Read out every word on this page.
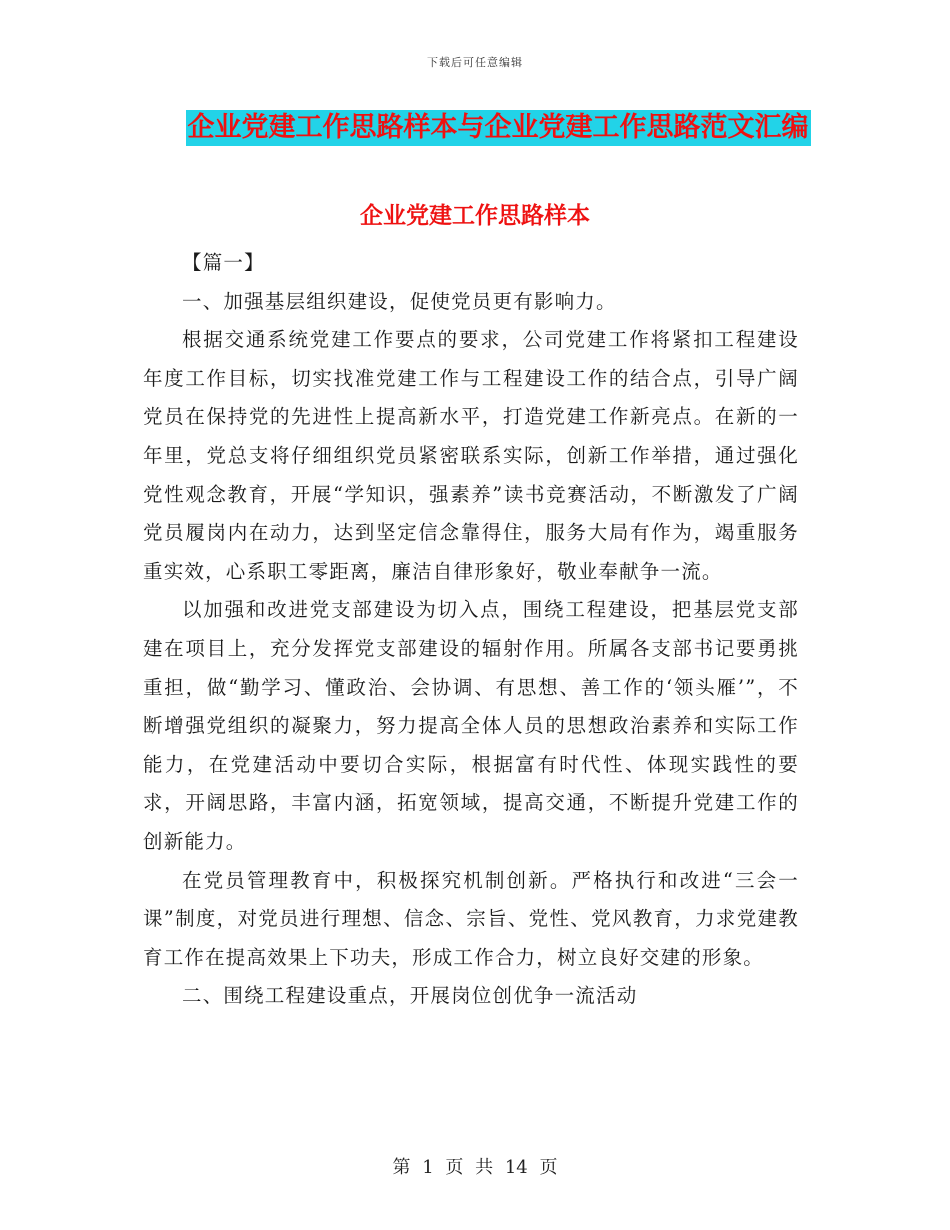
下载后可任意编辑
企业党建工作思路样本与企业党建工作思路范文汇编
企业党建工作思路样本

【篇一】

一、加强基层组织建设，促使党员更有影响力。

根据交通系统党建工作要点的要求，公司党建工作将紧扣工程建设年度工作目标，切实找准党建工作与工程建设工作的结合点，引导广阔党员在保持党的先进性上提高新水平，打造党建工作新亮点。在新的一年里，党总支将仔细组织党员紧密联系实际，创新工作举措，通过强化党性观念教育，开展“学知识，强素养”读书竞赛活动，不断激发了广阔党员履岗内在动力，达到坚定信念靠得住，服务大局有作为，竭重服务重实效，心系职工零距离，廉洁自律形象好，敬业奉献争一流。

以加强和改进党支部建设为切入点，围绕工程建设，把基层党支部建在项目上，充分发挥党支部建设的辐射作用。所属各支部书记要勇挑重担，做“勤学习、懂政治、会协调、有思想、善工作的‘领头雁’”，不断增强党组织的凝聚力，努力提高全体人员的思想政治素养和实际工作能力，在党建活动中要切合实际，根据富有时代性、体现实践性的要求，开阔思路，丰富内涵，拓宽领域，提高交通，不断提升党建工作的创新能力。

在党员管理教育中，积极探究机制创新。严格执行和改进“三会一课”制度，对党员进行理想、信念、宗旨、党性、党风教育，力求党建教育工作在提高效果上下功夫，形成工作合力，树立良好交建的形象。

二、围绕工程建设重点，开展岗位创优争一流活动

第 1 页 共 14 页
